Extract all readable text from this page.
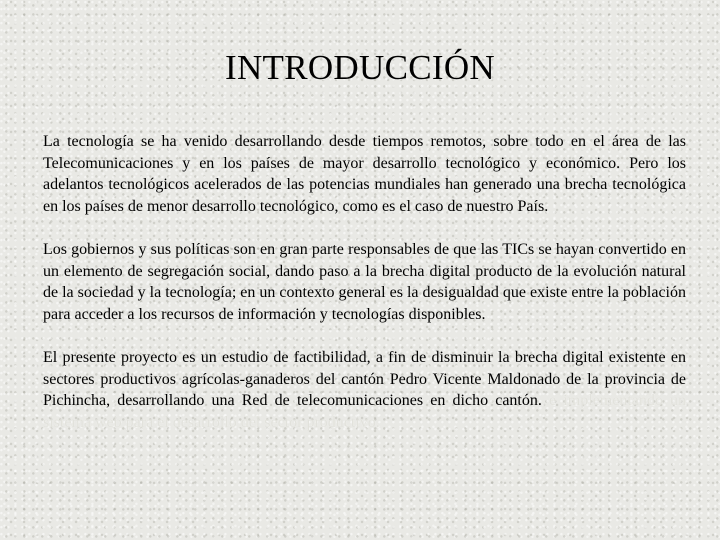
INTRODUCCIÓN

La tecnología se ha venido desarrollando desde tiempos remotos, sobre todo en el área de las Telecomunicaciones y en los países de mayor desarrollo tecnológico y económico. Pero los adelantos tecnológicos acelerados de las potencias mundiales han generado una brecha tecnológica en los países de menor desarrollo tecnológico, como es el caso de nuestro País.

Los gobiernos y sus políticas son en gran parte responsables de que las TICs se hayan convertido en un elemento de segregación social, dando paso a la brecha digital producto de la evolución natural de la sociedad y la tecnología; en un contexto general es la desigualdad que existe entre la población para acceder a los recursos de información y tecnologías disponibles.

El presente proyecto es un estudio de factibilidad, a fin de disminuir la brecha digital existente en sectores productivos agrícolas-ganaderos del cantón Pedro Vicente Maldonado de la provincia de Pichincha, desarrollando una Red de telecomunicaciones en dicho cantón. e implementando un sistema web para el desarrollo del sector productivo.
